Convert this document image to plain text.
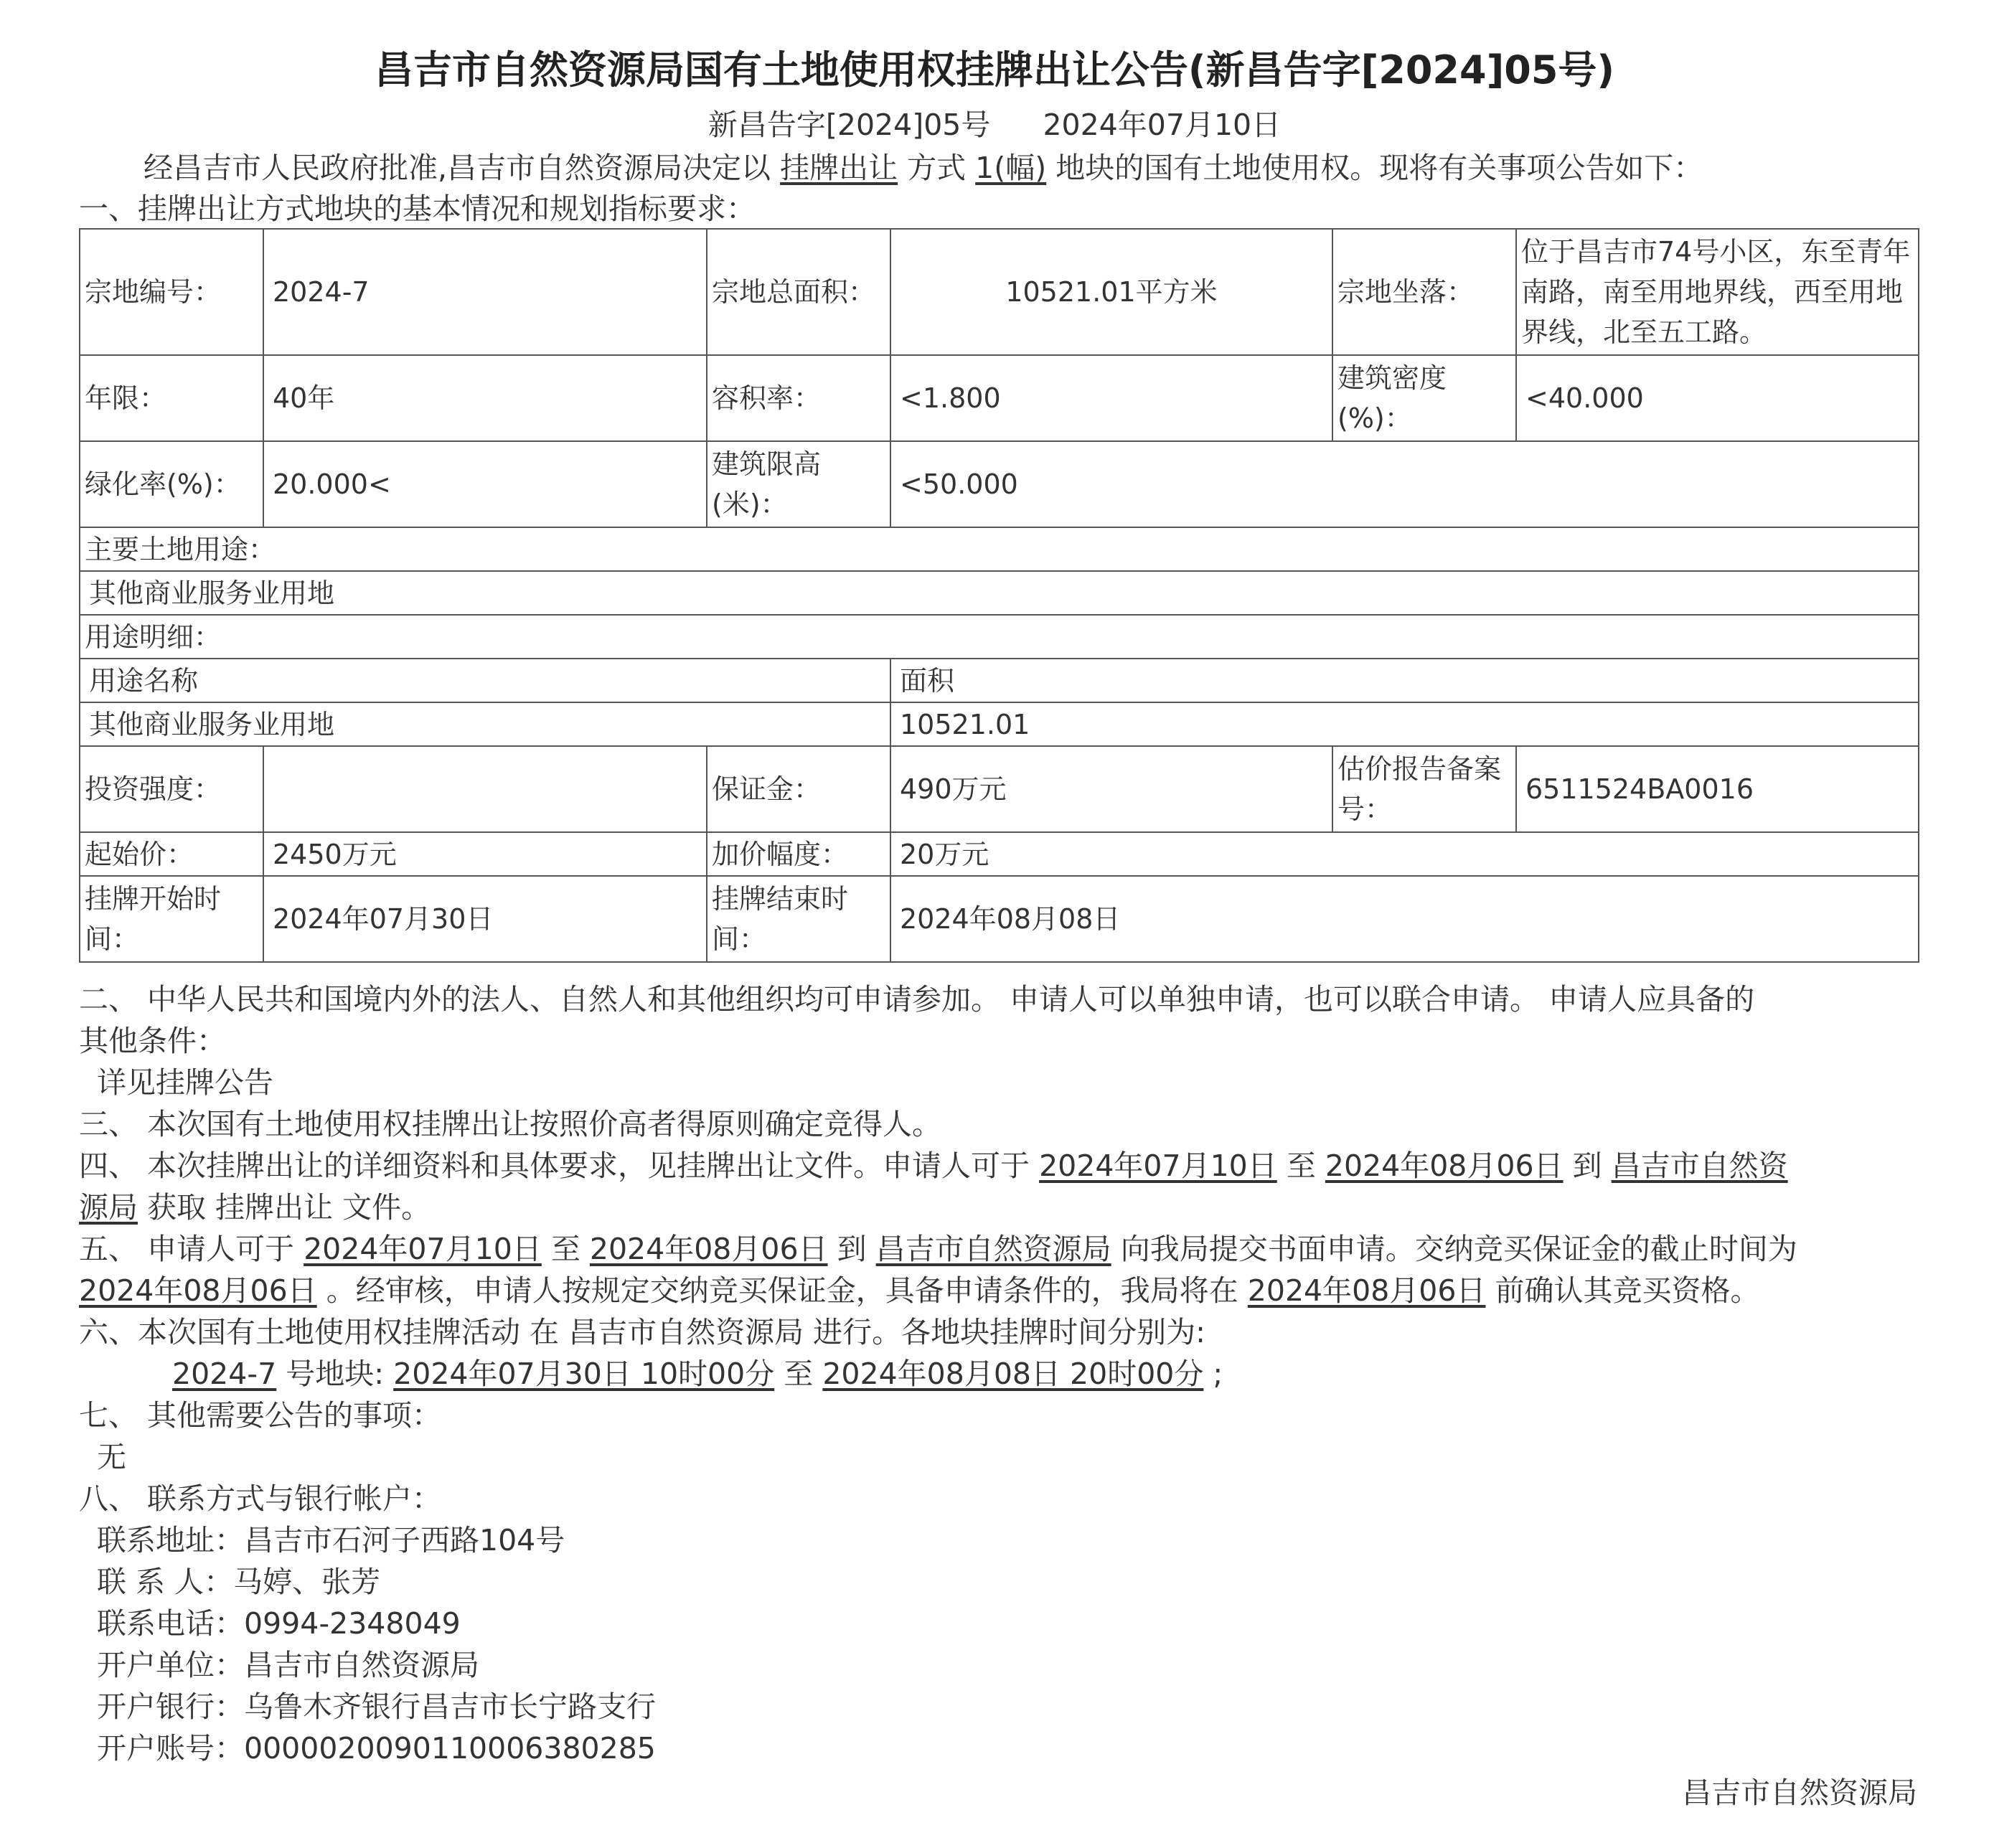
昌吉市自然资源局国有土地使用权挂牌出让公告(新昌告字[2024]05号)
新昌告字[2024]05号 2024年07月10日
经昌吉市人民政府批准,昌吉市自然资源局决定以 挂牌出让 方式 1(幅) 地块的国有土地使用权。现将有关事项公告如下：
一、挂牌出让方式地块的基本情况和规划指标要求：
宗地编号：	2024-7	宗地总面积：	10521.01平方米	宗地坐落：	位于昌吉市74号小区，东至青年南路，南至用地界线，西至用地界线，北至五工路。
年限：	40年	容积率：	<1.800	建筑密度(%)：	<40.000
绿化率(%)：	20.000<	建筑限高(米)：	<50.000		
主要土地用途：					
其他商业服务业用地					
用途明细：					
用途名称			面积		
其他商业服务业用地			10521.01		
投资强度：		保证金：	490万元	估价报告备案号：	6511524BA0016
起始价：	2450万元	加价幅度：	20万元		
挂牌开始时间：	2024年07月30日	挂牌结束时间：	2024年08月08日		
二、 中华人民共和国境内外的法人、自然人和其他组织均可申请参加。 申请人可以单独申请，也可以联合申请。 申请人应具备的
其他条件：
详见挂牌公告
三、 本次国有土地使用权挂牌出让按照价高者得原则确定竞得人。
四、 本次挂牌出让的详细资料和具体要求，见挂牌出让文件。申请人可于 2024年07月10日 至 2024年08月06日 到 昌吉市自然资
源局 获取 挂牌出让 文件。
五、 申请人可于 2024年07月10日 至 2024年08月06日 到 昌吉市自然资源局 向我局提交书面申请。交纳竞买保证金的截止时间为
2024年08月06日 。经审核，申请人按规定交纳竞买保证金，具备申请条件的，我局将在 2024年08月06日 前确认其竞买资格。
六、本次国有土地使用权挂牌活动 在 昌吉市自然资源局 进行。各地块挂牌时间分别为:
2024-7 号地块: 2024年07月30日 10时00分 至 2024年08月08日 20时00分 ;
七、 其他需要公告的事项：
无
八、 联系方式与银行帐户：
联系地址：昌吉市石河子西路104号
联 系 人：马婷、张芳
联系电话：0994-2348049
开户单位：昌吉市自然资源局
开户银行：乌鲁木齐银行昌吉市长宁路支行
开户账号：000002009011000638028​5
昌吉市自然资源局
